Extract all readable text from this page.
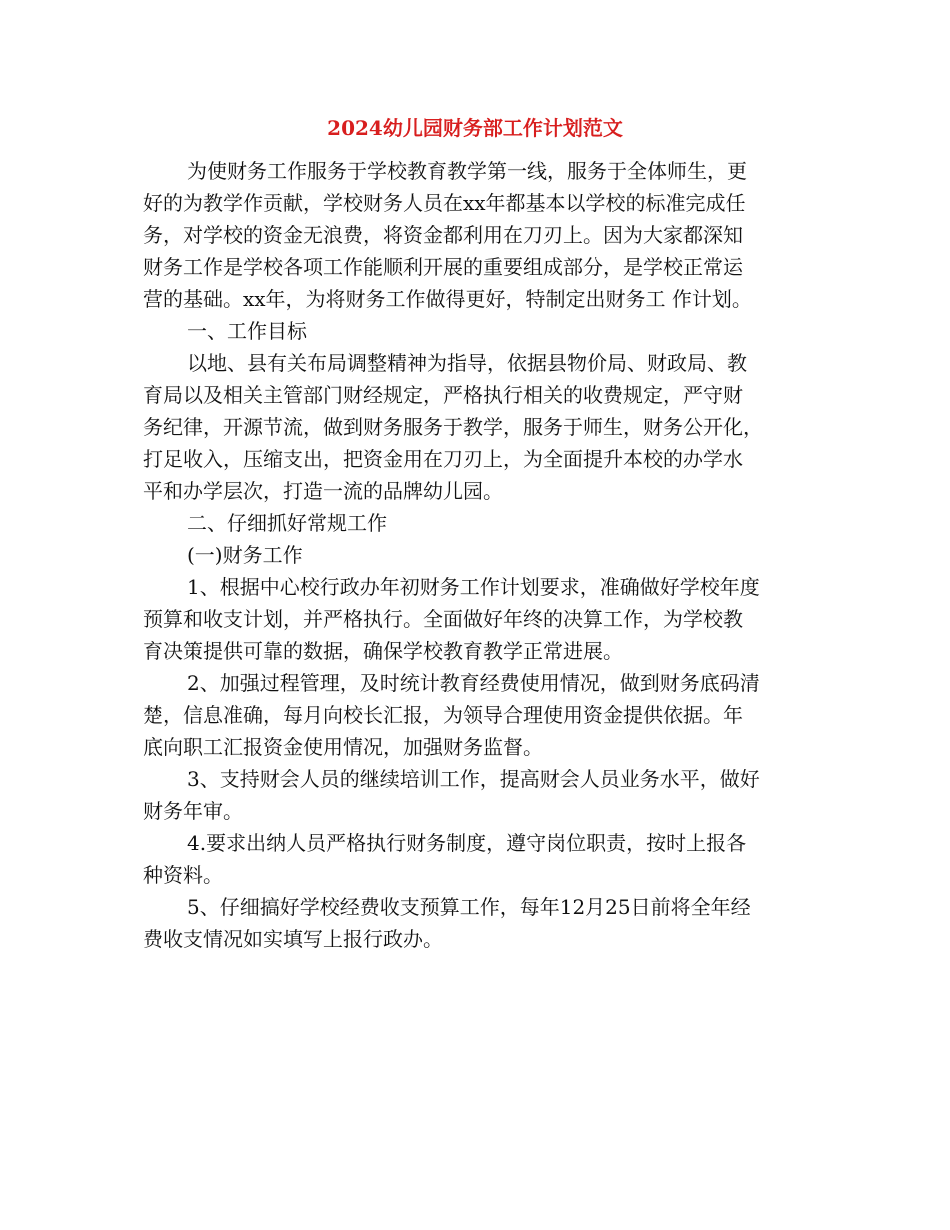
2024幼儿园财务部工作计划范文

为使财务工作服务于学校教育教学第一线，服务于全体师生，更
好的为教学作贡献，学校财务人员在xx年都基本以学校的标准完成任
务，对学校的资金无浪费，将资金都利用在刀刃上。因为大家都深知
财务工作是学校各项工作能顺利开展的重要组成部分，是学校正常运
营的基础。xx年，为将财务工作做得更好，特制定出财务工 作计划。

一、工作目标

以地、县有关布局调整精神为指导，依据县物价局、财政局、教
育局以及相关主管部门财经规定，严格执行相关的收费规定，严守财
务纪律，开源节流，做到财务服务于教学，服务于师生，财务公开化，
打足收入，压缩支出，把资金用在刀刃上，为全面提升本校的办学水
平和办学层次，打造一流的品牌幼儿园。

二、仔细抓好常规工作

(一)财务工作

1、根据中心校行政办年初财务工作计划要求，准确做好学校年度
预算和收支计划，并严格执行。全面做好年终的决算工作，为学校教
育决策提供可靠的数据，确保学校教育教学正常进展。

2、加强过程管理，及时统计教育经费使用情况，做到财务底码清
楚，信息准确，每月向校长汇报，为领导合理使用资金提供依据。年
底向职工汇报资金使用情况，加强财务监督。

3、支持财会人员的继续培训工作，提高财会人员业务水平，做好
财务年审。

4.要求出纳人员严格执行财务制度，遵守岗位职责，按时上报各
种资料。

5、仔细搞好学校经费收支预算工作，每年12月25日前将全年经
费收支情况如实填写上报行政办。
